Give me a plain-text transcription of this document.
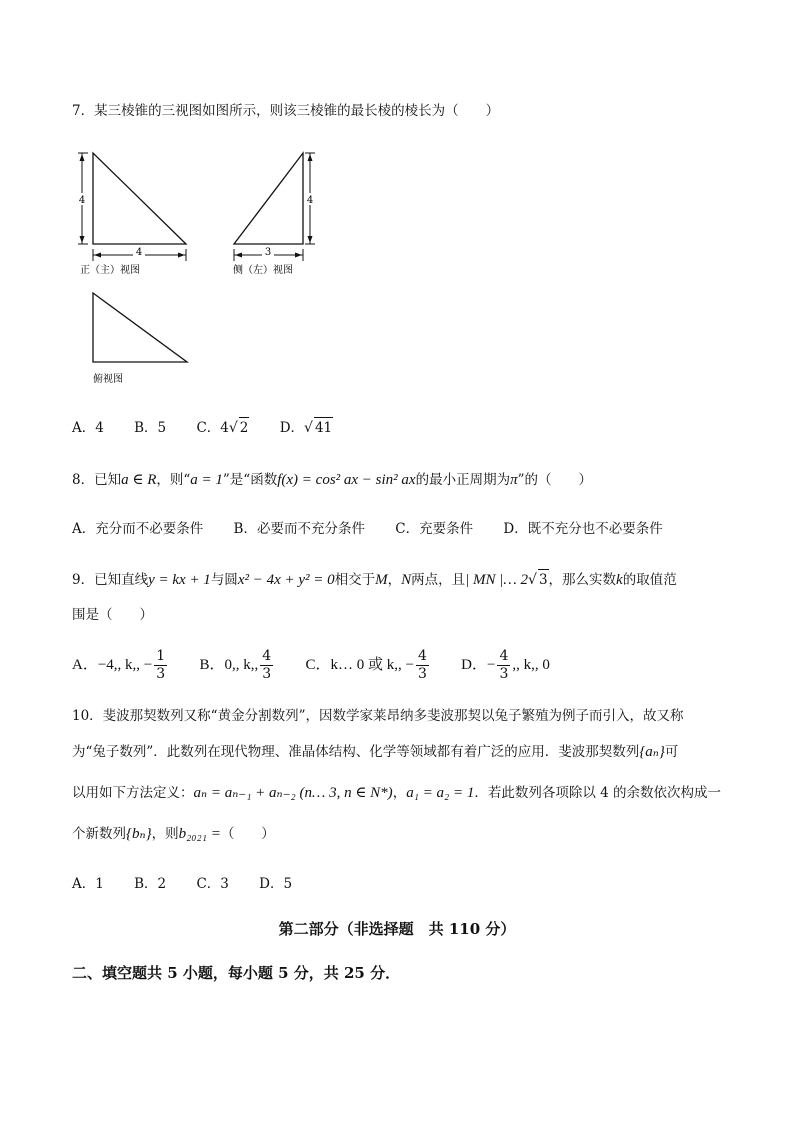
7．某三棱锥的三视图如图所示，则该三棱锥的最长棱的棱长为（　　）
4
4
正（主）视图
4
3
侧（左）视图
俯视图
A．4 B．5 C．4√ 2 D．√ 41
8．已知a ∈ R，则“a = 1”是“函数f(x) = cos² ax − sin² ax的最小正周期为π”的（　　）
A．充分而不必要条件 B．必要而不充分条件 C．充要条件 D．既不充分也不必要条件
9．已知直线y = kx + 1与圆x² − 4x + y² = 0相交于M，N两点，且| MN |… 2√ 3，那么实数k的取值范
围是（　　）
A．−4,, k,, − $\frac{1}{3}$ B．0,, k,, $\frac{4}{3}$ C．k… 0 或 k,, − $\frac{4}{3}$ D．− $\frac{4}{3}$ ,, k,, 0
10．斐波那契数列又称“黄金分割数列”，因数学家莱昂纳多斐波那契以兔子繁殖为例子而引入，故又称
为“兔子数列”．此数列在现代物理、准晶体结构、化学等领域都有着广泛的应用．斐波那契数列{aₙ}可
以用如下方法定义：aₙ = aₙ₋₁ + aₙ₋₂ (n… 3, n ∈ N*)，a₁ = a₂ = 1．若此数列各项除以 4 的余数依次构成一
个新数列{bₙ}，则b₂₀₂₁ =（　　）
A．1 B．2 C．3 D．5
第二部分（非选择题　共 110 分）
二、填空题共 5 小题，每小题 5 分，共 25 分．
